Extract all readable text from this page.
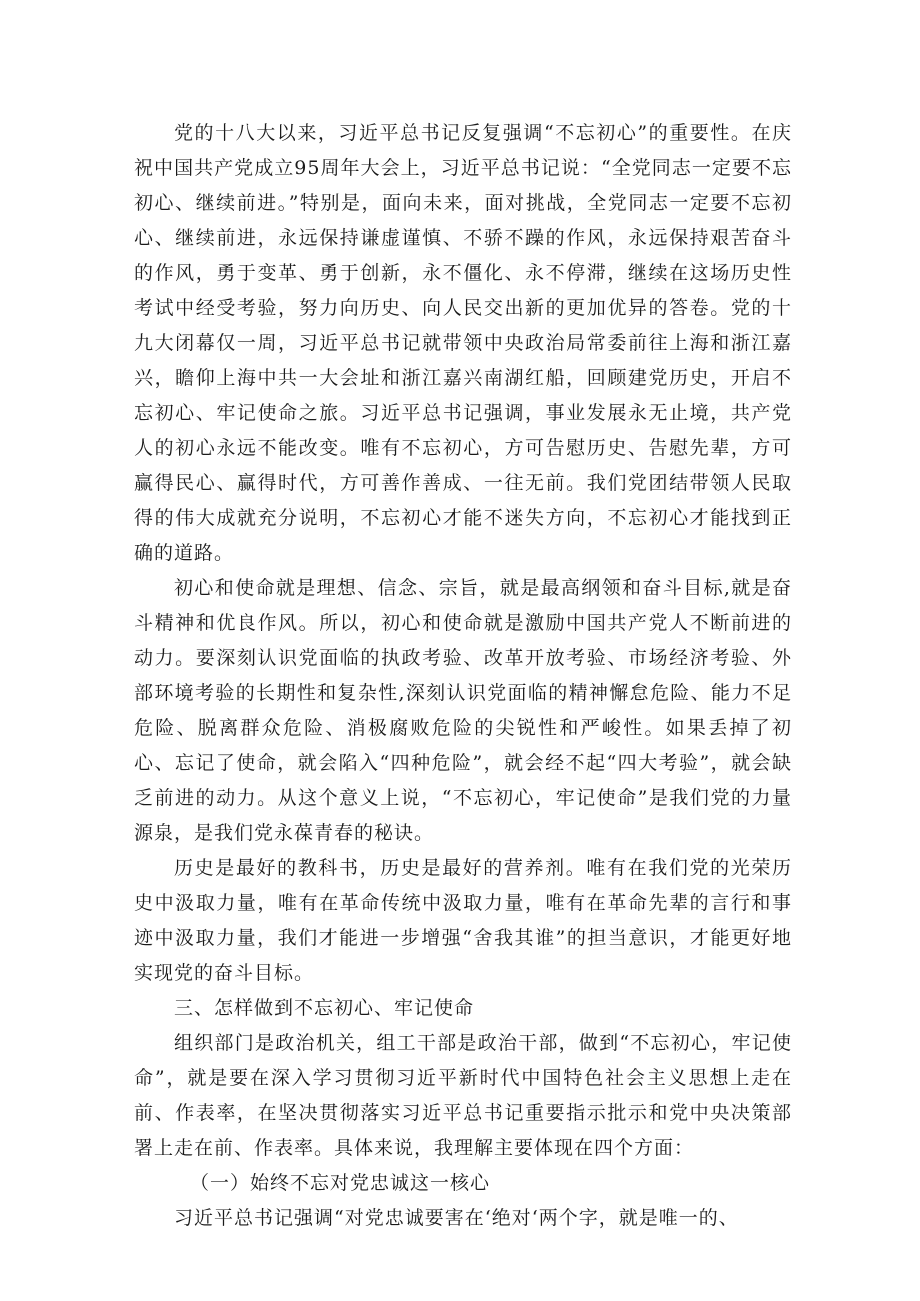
党的十八大以来，习近平总书记反复强调“不忘初心”的重要性。在庆祝中国共产党成立95周年大会上，习近平总书记说：“全党同志一定要不忘初心、继续前进。”特别是，面向未来，面对挑战，全党同志一定要不忘初心、继续前进，永远保持谦虚谨慎、不骄不躁的作风，永远保持艰苦奋斗的作风，勇于变革、勇于创新，永不僵化、永不停滞，继续在这场历史性考试中经受考验，努力向历史、向人民交出新的更加优异的答卷。党的十九大闭幕仅一周，习近平总书记就带领中央政治局常委前往上海和浙江嘉兴，瞻仰上海中共一大会址和浙江嘉兴南湖红船，回顾建党历史，开启不忘初心、牢记使命之旅。习近平总书记强调，事业发展永无止境，共产党人的初心永远不能改变。唯有不忘初心，方可告慰历史、告慰先辈，方可赢得民心、赢得时代，方可善作善成、一往无前。我们党团结带领人民取得的伟大成就充分说明，不忘初心才能不迷失方向，不忘初心才能找到正确的道路。

初心和使命就是理想、信念、宗旨，就是最高纲领和奋斗目标,就是奋斗精神和优良作风。所以，初心和使命就是激励中国共产党人不断前进的动力。要深刻认识党面临的执政考验、改革开放考验、市场经济考验、外部环境考验的长期性和复杂性,深刻认识党面临的精神懈怠危险、能力不足危险、脱离群众危险、消极腐败危险的尖锐性和严峻性。如果丢掉了初心、忘记了使命，就会陷入“四种危险”，就会经不起“四大考验”，就会缺乏前进的动力。从这个意义上说，“不忘初心，牢记使命”是我们党的力量源泉，是我们党永葆青春的秘诀。

历史是最好的教科书，历史是最好的营养剂。唯有在我们党的光荣历史中汲取力量，唯有在革命传统中汲取力量，唯有在革命先辈的言行和事迹中汲取力量，我们才能进一步增强“舍我其谁”的担当意识，才能更好地实现党的奋斗目标。

三、怎样做到不忘初心、牢记使命

组织部门是政治机关，组工干部是政治干部，做到“不忘初心，牢记使命”，就是要在深入学习贯彻习近平新时代中国特色社会主义思想上走在前、作表率，在坚决贯彻落实习近平总书记重要指示批示和党中央决策部署上走在前、作表率。具体来说，我理解主要体现在四个方面：

（一）始终不忘对党忠诚这一核心

习近平总书记强调“对党忠诚要害在‘绝对‘两个字，就是唯一的、
